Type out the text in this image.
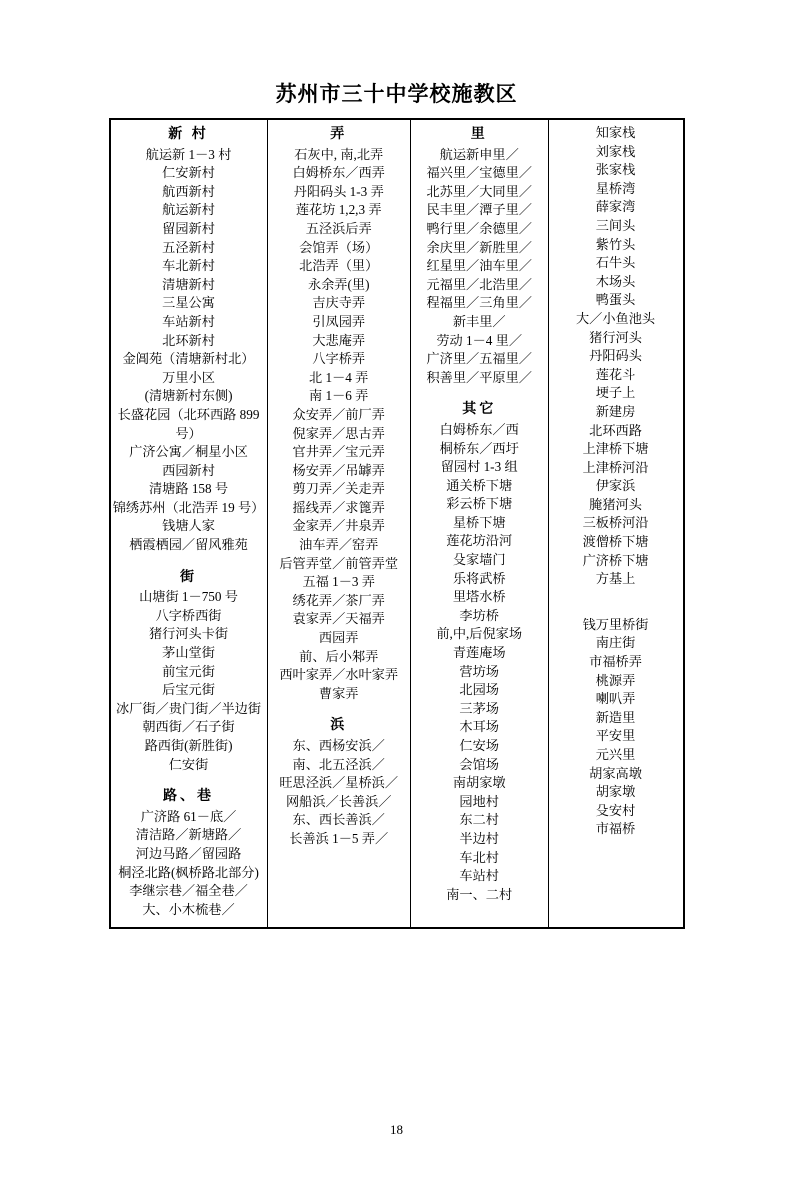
苏州市三十中学校施教区
新 村
航运新 1－3 村
仁安新村
航西新村
航运新村
留园新村
五泾新村
车北新村
清塘新村
三星公寓
车站新村
北环新村
金阊苑（清塘新村北）
万里小区
(清塘新村东侧)
长盛花园（北环西路 899 号）
广济公寓／桐星小区
西园新村
清塘路 158 号
锦绣苏州（北浩弄 19 号）
钱塘人家
栖霞栖园／留风雅苑
街
山塘街 1－750 号
八字桥西街
猪行河头卡街
茅山堂街
前宝元街
后宝元街
冰厂街／贵门街／半边街
朝西街／石子街
路西街(新胜街)
仁安街
路、巷
广济路 61－底／
清洁路／新塘路／
河边马路／留园路
桐泾北路(枫桥路北部分)
李继宗巷／福全巷／
大、小木梳巷／

弄
石灰中, 南,北弄
白姆桥东／西弄
丹阳码头 1-3 弄
莲花坊 1,2,3 弄
五泾浜后弄
会馆弄（场）
北浩弄（里）
永余弄(里)
吉庆寺弄
引凤园弄
大悲庵弄
八字桥弄
北 1－4 弄
南 1－6 弄
众安弄／前厂弄
倪家弄／思古弄
官井弄／宝元弄
杨安弄／吊罅弄
剪刀弄／关走弄
摇线弄／求篦弄
金家弄／井泉弄
油车弄／窑弄
后管弄堂／前管弄堂
五福 1－3 弄
绣花弄／茶厂弄
袁家弄／天福弄
西园弄
前、后小邾弄
西叶家弄／水叶家弄
曹家弄
浜
东、西杨安浜／
南、北五泾浜／
旺思泾浜／星桥浜／
网船浜／长善浜／
东、西长善浜／
长善浜 1－5 弄／

里
航运新申里／
福兴里／宝德里／
北苏里／大同里／
民丰里／潭子里／
鸭行里／余德里／
余庆里／新胜里／
红星里／油车里／
元福里／北浩里／
程福里／三角里／
新丰里／
劳动 1－4 里／
广济里／五福里／
积善里／平原里／
其它
白姆桥东／西
桐桥东／西圩
留园村 1-3 组
通关桥下塘
彩云桥下塘
星桥下塘
莲花坊沿河
殳家墙门
乐将武桥
里塔水桥
李坊桥
前,中,后倪家场
青莲庵场
营坊场
北园场
三茅场
木耳场
仁安场
会馆场
南胡家墩
园地村
东二村
半边村
车北村
车站村
南一、二村

知家栈
刘家栈
张家栈
星桥湾
薛家湾
三间头
紫竹头
石牛头
木场头
鸭蛋头
大／小鱼池头
猪行河头
丹阳码头
莲花斗
埂子上
新建房
北环西路
上津桥下塘
上津桥河沿
伊家浜
腌猪河头
三板桥河沿
渡僧桥下塘
广济桥下塘
方基上
钱万里桥街
南庄街
市福桥弄
桃源弄
喇叭弄
新造里
平安里
元兴里
胡家高墩
胡家墩
殳安村
市福桥
18
